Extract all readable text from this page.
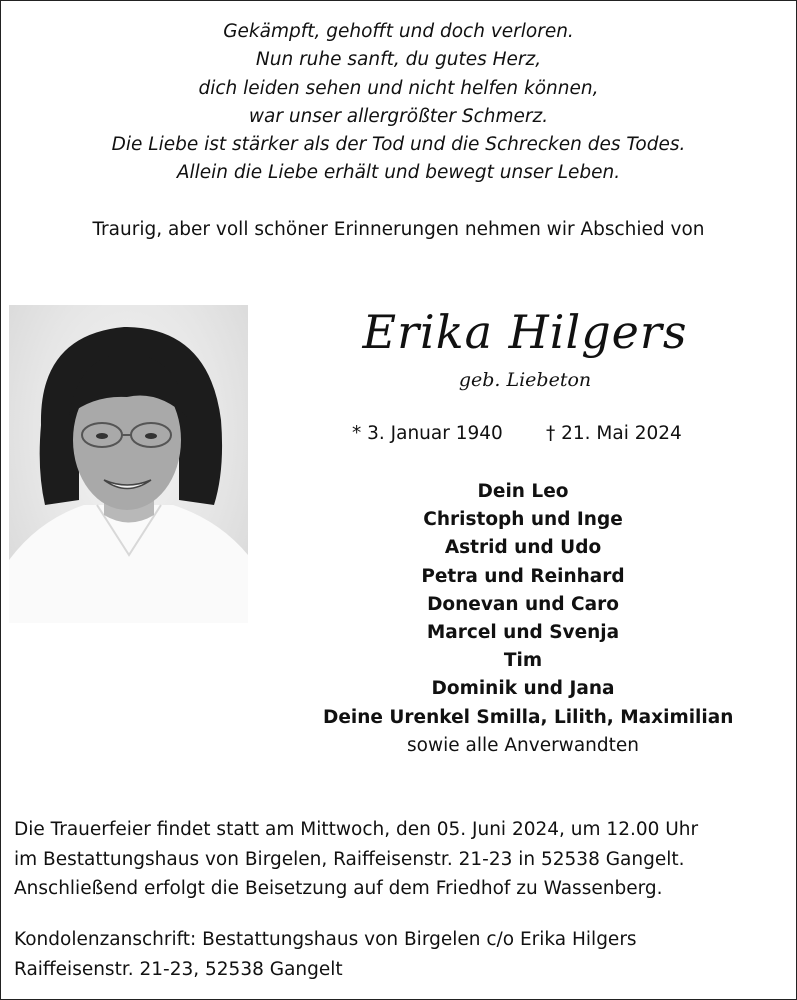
Gekämpft, gehofft und doch verloren.
Nun ruhe sanft, du gutes Herz,
dich leiden sehen und nicht helfen können,
war unser allergrößter Schmerz.
Die Liebe ist stärker als der Tod und die Schrecken des Todes.
Allein die Liebe erhält und bewegt unser Leben.
Traurig, aber voll schöner Erinnerungen nehmen wir Abschied von
Erika Hilgers
geb. Liebeton
* 3. Januar 1940 † 21. Mai 2024
Dein Leo
Christoph und Inge
Astrid und Udo
Petra und Reinhard
Donevan und Caro
Marcel und Svenja
Tim
Dominik und Jana
Deine Urenkel Smilla, Lilith, Maximilian
sowie alle Anverwandten
Die Trauerfeier findet statt am Mittwoch, den 05. Juni 2024, um 12.00 Uhr
im Bestattungshaus von Birgelen, Raiffeisenstr. 21-23 in 52538 Gangelt.
Anschließend erfolgt die Beisetzung auf dem Friedhof zu Wassenberg.
Kondolenzanschrift: Bestattungshaus von Birgelen c/o Erika Hilgers
Raiffeisenstr. 21-23, 52538 Gangelt
